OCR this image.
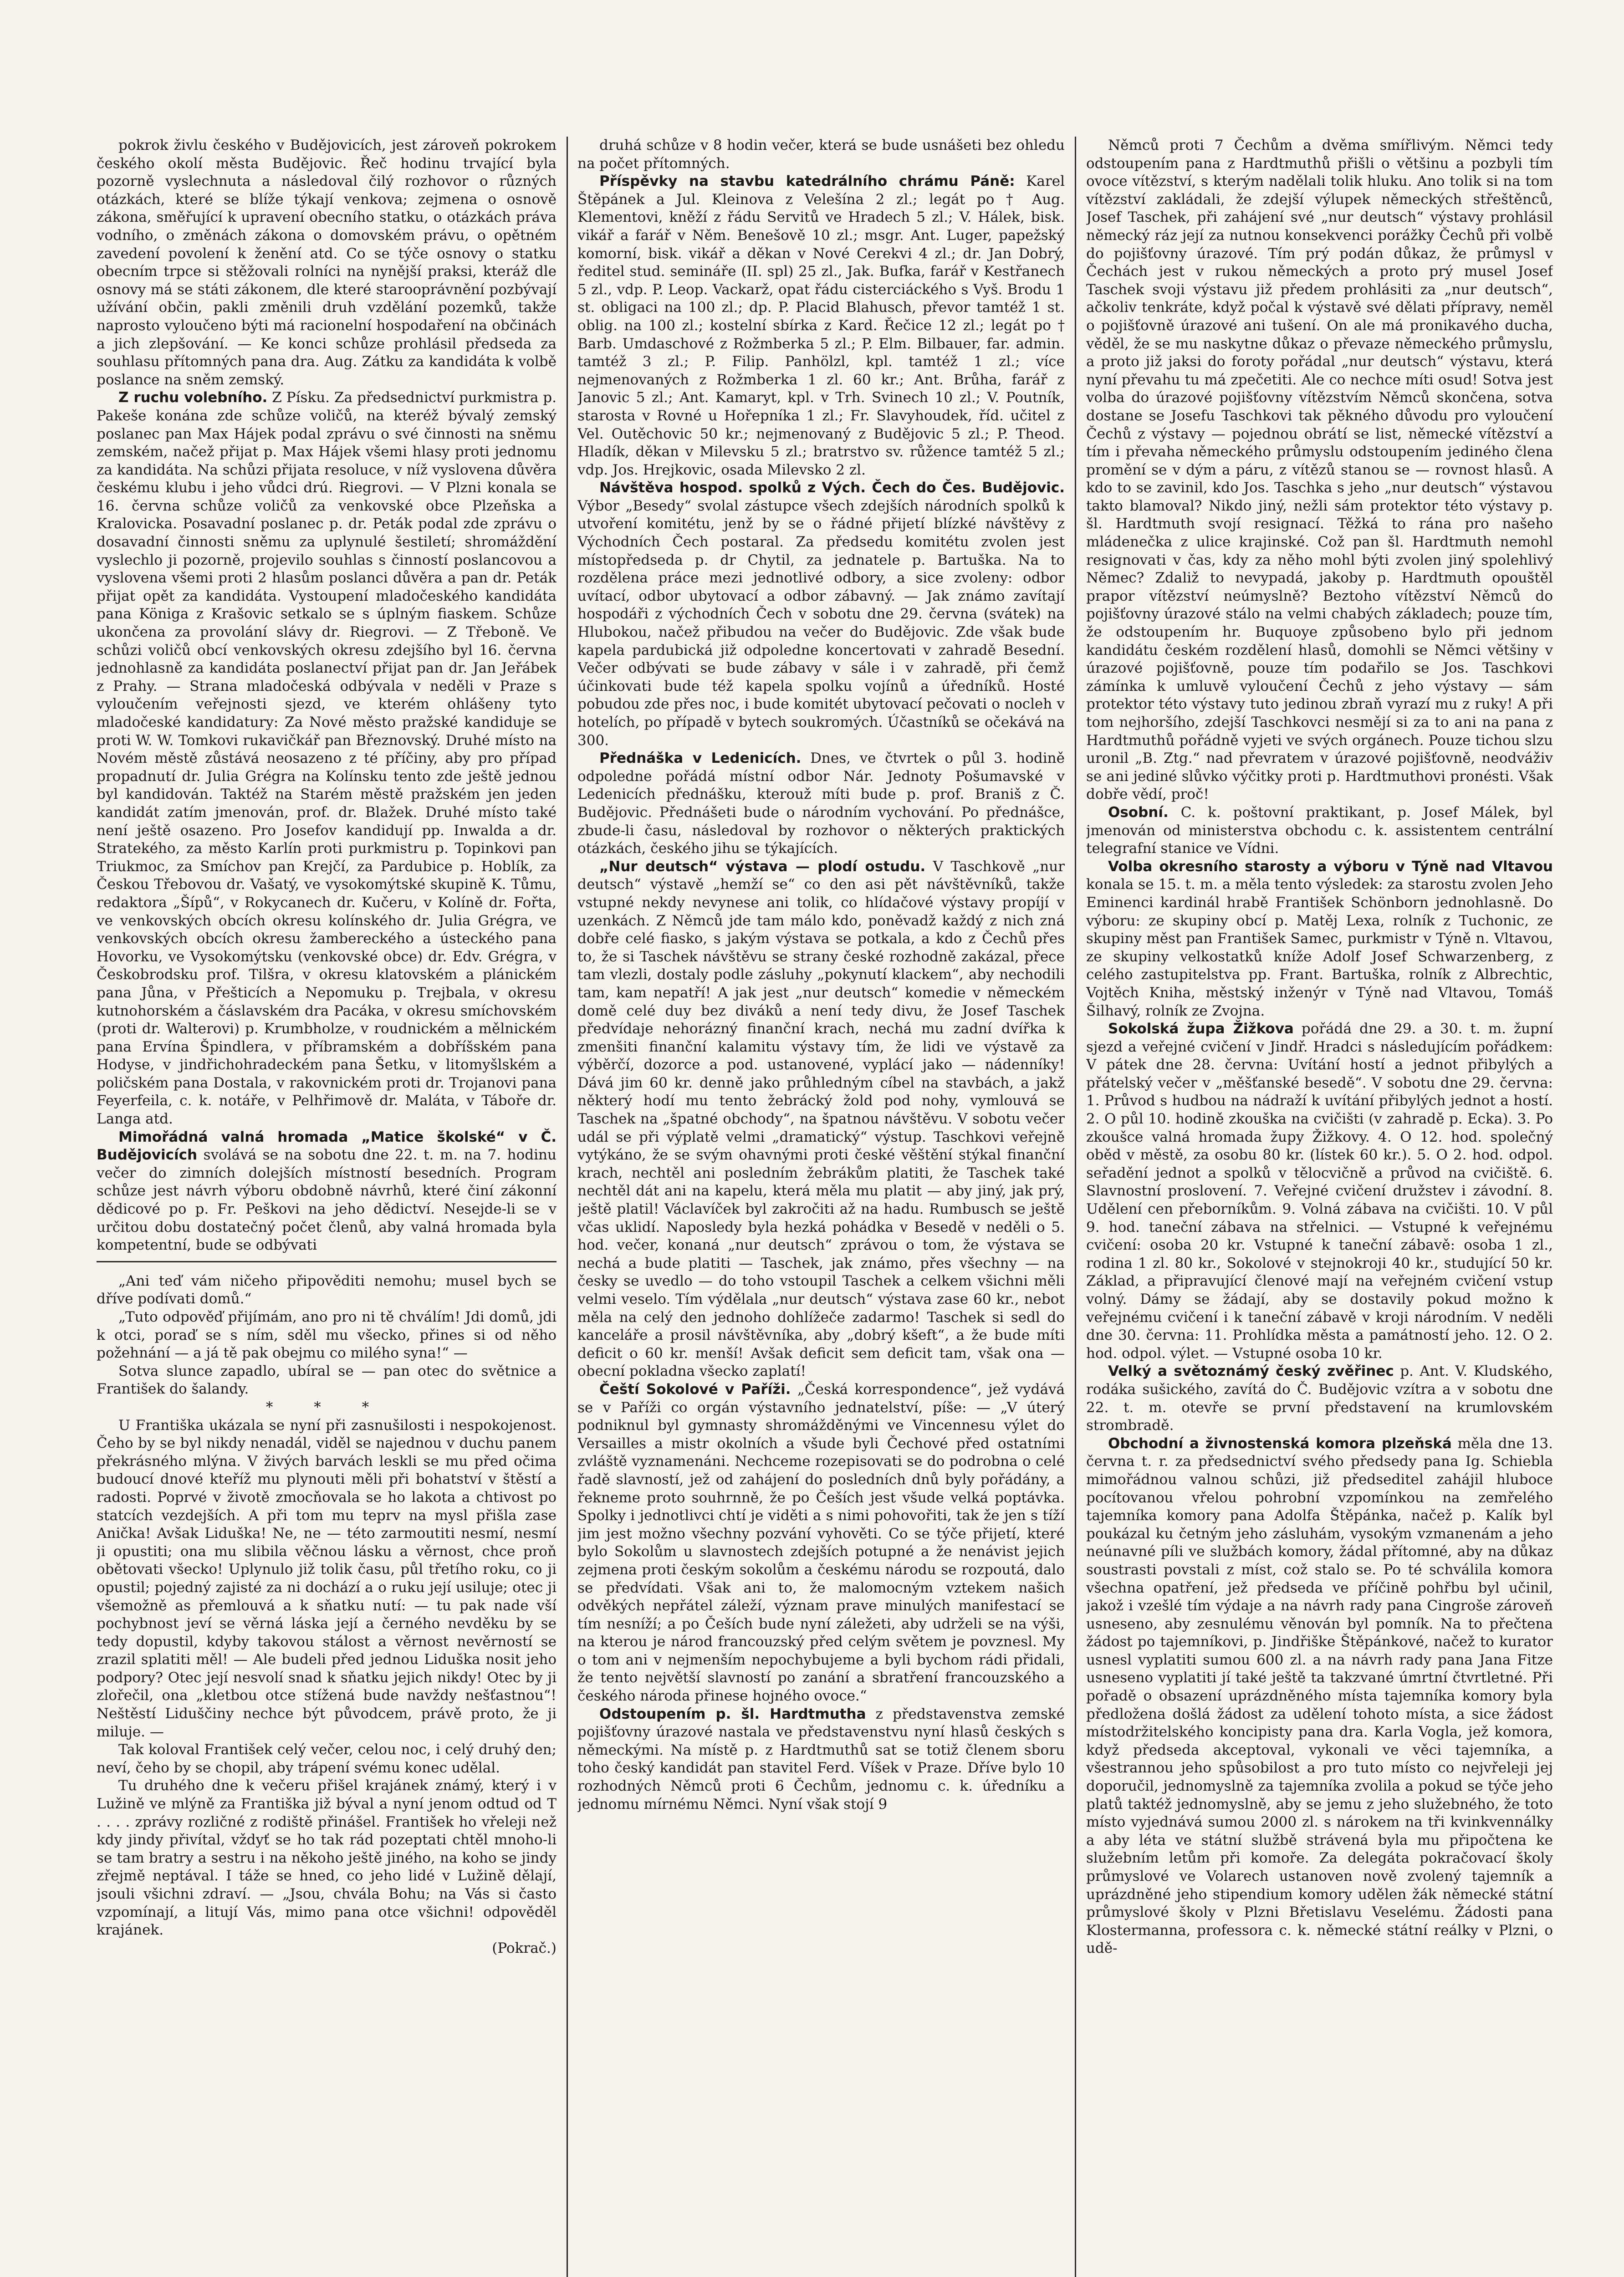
pokrok živlu českého v Budějovicích, jest zároveň pokrokem českého okolí města Budějovic. Řeč hodinu trvající byla pozorně vyslechnuta a následoval čilý rozhovor o různých otázkách, které se blíže týkají venkova; zejmena o osnově zákona, směřující k upravení obecního statku, o otázkách práva vodního, o změnách zákona o domovském právu, o opětném zavedení povolení k ženění atd. Co se týče osnovy o statku obecním trpce si stěžovali rolníci na nynější praksi, kteráž dle osnovy má se státi zákonem, dle které starooprávnění pozbývají užívání občin, pakli změnili druh vzdělání pozemků, takže naprosto vyloučeno býti má racionelní hospodaření na občinách a jich zlepšování. — Ke konci schůze prohlásil předseda za souhlasu přítomných pana dra. Aug. Zátku za kandidáta k volbě poslance na sněm zemský.

Z ruchu volebního. Z Písku. Za předsednictví purkmistra p. Pakeše konána zde schůze voličů, na kteréž bývalý zemský poslanec pan Max Hájek podal zprávu o své činnosti na sněmu zemském, načež přijat p. Max Hájek všemi hlasy proti jednomu za kandidáta. Na schůzi přijata resoluce, v níž vyslovena důvěra českému klubu i jeho vůdci drú. Riegrovi. — V Plzni konala se 16. června schůze voličů za venkovské obce Plzeňska a Kralovicka. Posavadní poslanec p. dr. Peták podal zde zprávu o dosavadní činnosti sněmu za uplynulé šestiletí; shromáždění vyslechlo ji pozorně, projevilo souhlas s činností poslancovou a vyslovena všemi proti 2 hlasům poslanci důvěra a pan dr. Peták přijat opět za kandidáta. Vystoupení mladočeského kandidáta pana Königa z Krašovic setkalo se s úplným fiaskem. Schůze ukončena za provolání slávy dr. Riegrovi. — Z Třeboně. Ve schůzi voličů obcí venkovských okresu zdejšího byl 16. června jednohlasně za kandidáta poslanectví přijat pan dr. Jan Jeřábek z Prahy. — Strana mladočeská odbývala v neděli v Praze s vyloučením veřejnosti sjezd, ve kterém ohlášeny tyto mladočeské kandidatury: Za Nové město pražské kandiduje se proti W. W. Tomkovi rukavičkář pan Březnovský. Druhé místo na Novém městě zůstává neosazeno z té příčiny, aby pro případ propadnutí dr. Julia Grégra na Kolínsku tento zde ještě jednou byl kandidován. Taktéž na Starém městě pražském jen jeden kandidát zatím jmenován, prof. dr. Blažek. Druhé místo také není ještě osazeno. Pro Josefov kandidují pp. Inwalda a dr. Stratekého, za město Karlín proti purkmistru p. Topinkovi pan Triukmoc, za Smíchov pan Krejčí, za Pardubice p. Hoblík, za Českou Třebovou dr. Vašatý, ve vysokomýtské skupině K. Tůmu, redaktora „Šípů“, v Rokycanech dr. Kučeru, v Kolíně dr. Fořta, ve venkovských obcích okresu kolínského dr. Julia Grégra, ve venkovských obcích okresu žambereckého a ústeckého pana Hovorku, ve Vysokomýtsku (venkovské obce) dr. Edv. Grégra, v Českobrodsku prof. Tilšra, v okresu klatovském a plánickém pana Jůna, v Přešticích a Nepomuku p. Trejbala, v okresu kutnohorském a čáslavském dra Pacáka, v okresu smíchovském (proti dr. Walterovi) p. Krumbholze, v roudnickém a mělnickém pana Ervína Špindlera, v příbramském a dobříšském pana Hodyse, v jindřichohradeckém pana Šetku, v litomyšlském a poličském pana Dostala, v rakovnickém proti dr. Trojanovi pana Feyerfeila, c. k. notáře, v Pelhřimově dr. Maláta, v Táboře dr. Langa atd.

Mimořádná valná hromada „Matice školské“ v Č. Budějovicích svolává se na sobotu dne 22. t. m. na 7. hodinu večer do zimních dolejších místností besedních. Program schůze jest návrh výboru obdobně návrhů, které činí zákonní dědicové po p. Fr. Peškovi na jeho dědictví. Nesejde-li se v určitou dobu dostatečný počet členů, aby valná hromada byla kompetentní, bude se odbývati

„Ani teď vám ničeho připověditi nemohu; musel bych se dříve podívati domů.“

„Tuto odpověď přijímám, ano pro ni tě chválím! Jdi domů, jdi k otci, poraď se s ním, sděl mu všecko, přines si od něho požehnání — a já tě pak obejmu co milého syna!“ —

Sotva slunce zapadlo, ubíral se — pan otec do světnice a František do šalandy.

* * *

U Františka ukázala se nyní při zasnušilosti i nespokojenost. Čeho by se byl nikdy nenadál, viděl se najednou v duchu panem překrásného mlýna. V živých barvách leskli se mu před očima budoucí dnové kteříž mu plynouti měli při bohatství v štěstí a radosti. Poprvé v životě zmocňovala se ho lakota a chtivost po statcích vezdejších. A při tom mu teprv na mysl přišla zase Anička! Avšak Liduška! Ne, ne — této zarmoutiti nesmí, nesmí ji opustiti; ona mu slibila věčnou lásku a věrnost, chce proň obětovati všecko! Uplynulo již tolik času, půl třetího roku, co ji opustil; pojedný zajisté za ni dochází a o ruku její usiluje; otec ji všemožně as přemlouvá a k sňatku nutí: — tu pak nade vší pochybnost jeví se věrná láska její a černého nevděku by se tedy dopustil, kdyby takovou stálost a věrnost nevěrností se zrazil splatiti měl! — Ale budeli před jednou Liduška nosit jeho podpory? Otec její nesvolí snad k sňatku jejich nikdy! Otec by ji zlořečil, ona „kletbou otce stížená bude navždy nešťastnou“! Neštěstí Liduščiny nechce být původcem, právě proto, že ji miluje. —

Tak koloval František celý večer, celou noc, i celý druhý den; neví, čeho by se chopil, aby trápení svému konec udělal.

Tu druhého dne k večeru přišel krajánek známý, který i v Lužině ve mlýně za Františka již býval a nyní jenom odtud od T . . . . zprávy rozličné z rodiště přinášel. František ho vřeleji než kdy jindy přivítal, vždyť se ho tak rád pozeptati chtěl mnoho-li se tam bratry a sestru i na někoho ještě jiného, na koho se jindy zřejmě neptával. I táže se hned, co jeho lidé v Lužině dělají, jsouli všichni zdraví. — „Jsou, chvála Bohu; na Vás si často vzpomínají, a litují Vás, mimo pana otce všichni! odpověděl krajánek.

(Pokrač.)

druhá schůze v 8 hodin večer, která se bude usnášeti bez ohledu na počet přítomných.

Příspěvky na stavbu katedrálního chrámu Páně: Karel Štěpánek a Jul. Kleinova z Velešína 2 zl.; legát po † Aug. Klementovi, kněží z řádu Servitů ve Hradech 5 zl.; V. Hálek, bisk. vikář a farář v Něm. Benešově 10 zl.; msgr. Ant. Luger, papežský komorní, bisk. vikář a děkan v Nové Cerekvi 4 zl.; dr. Jan Dobrý, ředitel stud. semináře (II. spl) 25 zl., Jak. Bufka, farář v Kestřanech 5 zl., vdp. P. Leop. Vackarž, opat řádu cisterciáckého s Vyš. Brodu 1 st. obligaci na 100 zl.; dp. P. Placid Blahusch, převor tamtéž 1 st. oblig. na 100 zl.; kostelní sbírka z Kard. Řečice 12 zl.; legát po † Barb. Umdaschové z Rožmberka 5 zl.; P. Elm. Bilbauer, far. admin. tamtéž 3 zl.; P. Filip. Panhölzl, kpl. tamtéž 1 zl.; více nejmenovaných z Rožmberka 1 zl. 60 kr.; Ant. Brůha, farář z Janovic 5 zl.; Ant. Kamaryt, kpl. v Trh. Svinech 10 zl.; V. Poutník, starosta v Rovné u Hořepníka 1 zl.; Fr. Slavyhoudek, říd. učitel z Vel. Outěchovic 50 kr.; nejmenovaný z Budějovic 5 zl.; P. Theod. Hladík, děkan v Milevsku 5 zl.; bratrstvo sv. růžence tamtéž 5 zl.; vdp. Jos. Hrejkovic, osada Milevsko 2 zl.

Návštěva hospod. spolků z Vých. Čech do Čes. Budějovic. Výbor „Besedy“ svolal zástupce všech zdejších národních spolků k utvoření komitétu, jenž by se o řádné přijetí blízké návštěvy z Východních Čech postaral. Za předsedu komitétu zvolen jest místopředseda p. dr Chytil, za jednatele p. Bartuška. Na to rozdělena práce mezi jednotlivé odbory, a sice zvoleny: odbor uvítací, odbor ubytovací a odbor zábavný. — Jak známo zavítají hospodáři z východních Čech v sobotu dne 29. června (svátek) na Hlubokou, načež přibudou na večer do Budějovic. Zde však bude kapela pardubická již odpoledne koncertovati v zahradě Besední. Večer odbývati se bude zábavy v sále i v zahradě, při čemž účinkovati bude též kapela spolku vojínů a úředníků. Hosté pobudou zde přes noc, i bude komitét ubytovací pečovati o nocleh v hotelích, po případě v bytech soukromých. Účastníků se očekává na 300.

Přednáška v Ledenicích. Dnes, ve čtvrtek o půl 3. hodině odpoledne pořádá místní odbor Nár. Jednoty Pošumavské v Ledenicích přednášku, kterouž míti bude p. prof. Braniš z Č. Budějovic. Přednášeti bude o národním vychování. Po přednášce, zbude-li času, následoval by rozhovor o některých praktických otázkách, českého jihu se týkajících.

„Nur deutsch“ výstava — plodí ostudu. V Taschkově „nur deutsch“ výstavě „hemží se“ co den asi pět návštěvníků, takže vstupné nekdy nevynese ani tolik, co hlídačové výstavy propíjí v uzenkách. Z Němců jde tam málo kdo, poněvadž každý z nich zná dobře celé fiasko, s jakým výstava se potkala, a kdo z Čechů přes to, že si Taschek návštěvu se strany české rozhodně zakázal, přece tam vlezli, dostaly podle zásluhy „pokynutí klackem“, aby nechodili tam, kam nepatří! A jak jest „nur deutsch“ komedie v německém domě celé duy bez diváků a není tedy divu, že Josef Taschek předvídaje nehorázný finanční krach, nechá mu zadní dvířka k zmenšiti finanční kalamitu výstavy tím, že lidi ve výstavě za výběrčí, dozorce a pod. ustanovené, vyplácí jako — nádenníky! Dává jim 60 kr. denně jako průhledným cíbel na stavbách, a jakž některý hodí mu tento žebrácký žold pod nohy, vymlouvá se Taschek na „špatné obchody“, na špatnou návštěvu. V sobotu večer udál se při výplatě velmi „dramatický“ výstup. Taschkovi veřejně vytýkáno, že se svým ohavnými proti české věštění stýkal finanční krach, nechtěl ani posledním žebrákům platiti, že Taschek také nechtěl dát ani na kapelu, která měla mu platit — aby jiný, jak prý, ještě platil! Václavíček byl zakročiti až na hadu. Rumbusch se ještě včas uklidí. Naposledy byla hezká pohádka v Besedě v neděli o 5. hod. večer, konaná „nur deutsch“ zprávou o tom, že výstava se nechá a bude platiti — Taschek, jak známo, přes všechny — na česky se uvedlo — do toho vstoupil Taschek a celkem všichni měli velmi veselo. Tím výdělala „nur deutsch“ výstava zase 60 kr., nebot měla na celý den jednoho dohlížeče zadarmo! Taschek si sedl do kanceláře a prosil návštěvníka, aby „dobrý kšeft“, a že bude míti deficit o 60 kr. menší! Avšak deficit sem deficit tam, však ona — obecní pokladna všecko zaplatí!

Čeští Sokolové v Paříži. „Česká korrespondence“, jež vydává se v Paříži co orgán výstavního jednatelství, píše: — „V úterý podniknul byl gymnasty shromážděnými ve Vincennesu výlet do Versailles a mistr okolních a všude byli Čechové před ostatními zvláště vyznamenáni. Nechceme rozepisovati se do podrobna o celé řadě slavností, jež od zahájení do posledních dnů byly pořádány, a řekneme proto souhrnně, že po Češích jest všude velká poptávka. Spolky i jednotlivci chtí je viděti a s nimi pohovořiti, tak že jen s tíží jim jest možno všechny pozvání vyhověti. Co se týče přijetí, které bylo Sokolům u slavnostech zdejších potupné a že nenávist jejich zejmena proti českým sokolům a českému národu se rozpoutá, dalo se předvídati. Však ani to, že malomocným vztekem našich odvěkých nepřátel záleží, význam prave minulých manifestací se tím nesníží; a po Češích bude nyní záležeti, aby udrželi se na výši, na kterou je národ francouzský před celým světem je povznesl. My o tom ani v nejmenším nepochybujeme a byli bychom rádi přidali, že tento největší slavností po zanání a sbratření francouzského a českého národa přinese hojného ovoce.“

Odstoupením p. šl. Hardtmutha z představenstva zemské pojišťovny úrazové nastala ve představenstvu nyní hlasů českých s německými. Na místě p. z Hardtmuthů sat se totiž členem sboru toho český kandidát pan stavitel Ferd. Víšek v Praze. Dříve bylo 10 rozhodných Němců proti 6 Čechům, jednomu c. k. úředníku a jednomu mírnému Němci. Nyní však stojí 9

Němců proti 7 Čechům a dvěma smířlivým. Němci tedy odstoupením pana z Hardtmuthů přišli o většinu a pozbyli tím ovoce vítězství, s kterým nadělali tolik hluku. Ano tolik si na tom vítězství zakládali, že zdejší výlupek německých střeštěnců, Josef Taschek, při zahájení své „nur deutsch“ výstavy prohlásil německý ráz její za nutnou konsekvenci porážky Čechů při volbě do pojišťovny úrazové. Tím prý podán důkaz, že průmysl v Čechách jest v rukou německých a proto prý musel Josef Taschek svoji výstavu již předem prohlásiti za „nur deutsch“, ačkoliv tenkráte, když počal k výstavě své dělati přípravy, neměl o pojišťovně úrazové ani tušení. On ale má pronikavého ducha, věděl, že se mu naskytne důkaz o převaze německého průmyslu, a proto již jaksi do foroty pořádal „nur deutsch“ výstavu, která nyní převahu tu má zpečetiti. Ale co nechce míti osud! Sotva jest volba do úrazové pojišťovny vítězstvím Němců skončena, sotva dostane se Josefu Taschkovi tak pěkného důvodu pro vyloučení Čechů z výstavy — pojednou obrátí se list, německé vítězství a tím i převaha německého průmyslu odstoupením jediného člena promění se v dým a páru, z vítězů stanou se — rovnost hlasů. A kdo to se zavinil, kdo Jos. Taschka s jeho „nur deutsch“ výstavou takto blamoval? Nikdo jiný, nežli sám protektor této výstavy p. šl. Hardtmuth svojí resignací. Těžká to rána pro našeho mládenečka z ulice krajinské. Což pan šl. Hardtmuth nemohl resignovati v čas, kdy za něho mohl býti zvolen jiný spolehlivý Němec? Zdaliž to nevypadá, jakoby p. Hardtmuth opouštěl prapor vítězství neúmyslně? Beztoho vítězství Němců do pojišťovny úrazové stálo na velmi chabých základech; pouze tím, že odstoupením hr. Buquoye způsobeno bylo při jednom kandidátu českém rozdělení hlasů, domohli se Němci většiny v úrazové pojišťovně, pouze tím podařilo se Jos. Taschkovi zámínka k umluvě vyloučení Čechů z jeho výstavy — sám protektor této výstavy tuto jedinou zbraň vyrazí mu z ruky! A při tom nejhoršího, zdejší Taschkovci nesmějí si za to ani na pana z Hardtmuthů pořádně vyjeti ve svých orgánech. Pouze tichou slzu uronil „B. Ztg.“ nad převratem v úrazové pojišťovně, neodváživ se ani jediné slůvko výčitky proti p. Hardtmuthovi pronésti. Však dobře vědí, proč!

Osobní. C. k. poštovní praktikant, p. Josef Málek, byl jmenován od ministerstva obchodu c. k. assistentem centrální telegrafní stanice ve Vídni.

Volba okresního starosty a výboru v Týně nad Vltavou konala se 15. t. m. a měla tento výsledek: za starostu zvolen Jeho Eminenci kardinál hrabě František Schönborn jednohlasně. Do výboru: ze skupiny obcí p. Matěj Lexa, rolník z Tuchonic, ze skupiny měst pan František Samec, purkmistr v Týně n. Vltavou, ze skupiny velkostatků kníže Adolf Josef Schwarzenberg, z celého zastupitelstva pp. Frant. Bartuška, rolník z Albrechtic, Vojtěch Kniha, městský inženýr v Týně nad Vltavou, Tomáš Šilhavý, rolník ze Zvojna.

Sokolská župa Žižkova pořádá dne 29. a 30. t. m. župní sjezd a veřejné cvičení v Jindř. Hradci s následujícím pořádkem: V pátek dne 28. června: Uvítání hostí a jednot přibylých a přátelský večer v „měšťanské besedě“. V sobotu dne 29. června: 1. Průvod s hudbou na nádraží k uvítání přibylých jednot a hostí. 2. O půl 10. hodině zkouška na cvičišti (v zahradě p. Ecka). 3. Po zkoušce valná hromada župy Žižkovy. 4. O 12. hod. společný oběd v městě, za osobu 80 kr. (lístek 60 kr.). 5. O 2. hod. odpol. seřadění jednot a spolků v tělocvičně a průvod na cvičiště. 6. Slavnostní proslovení. 7. Veřejné cvičení družstev i závodní. 8. Udělení cen přeborníkům. 9. Volná zábava na cvičišti. 10. V půl 9. hod. taneční zábava na střelnici. — Vstupné k veřejnému cvičení: osoba 20 kr. Vstupné k taneční zábavě: osoba 1 zl., rodina 1 zl. 80 kr., Sokolové v stejnokroji 40 kr., studující 50 kr. Základ, a připravující členové mají na veřejném cvičení vstup volný. Dámy se žádají, aby se dostavily pokud možno k veřejnému cvičení i k taneční zábavě v kroji národním. V neděli dne 30. června: 11. Prohlídka města a památností jeho. 12. O 2. hod. odpol. výlet. — Vstupné osoba 10 kr.

Velký a světoznámý český zvěřinec p. Ant. V. Kludského, rodáka sušického, zavítá do Č. Budějovic vzítra a v sobotu dne 22. t. m. otevře se první představení na krumlovském strombradě.

Obchodní a živnostenská komora plzeňská měla dne 13. června t. r. za předsednictví svého předsedy pana Ig. Schiebla mimořádnou valnou schůzi, již předseditel zahájil hluboce pocítovanou vřelou pohrobní vzpomínkou na zemřelého tajemníka komory pana Adolfa Štěpánka, načež p. Kalík byl poukázal ku četným jeho zásluhám, vysokým vzmanenám a jeho neúnavné píli ve službách komory, žádal přítomné, aby na důkaz soustrasti povstali z míst, což stalo se. Po té schválila komora všechna opatření, jež předseda ve příčině pohřbu byl učinil, jakož i vzešlé tím výdaje a na návrh rady pana Cingroše zároveň usneseno, aby zesnulému věnován byl pomník. Na to přečtena žádost po tajemníkovi, p. Jindřiške Štěpánkové, načež to kurator usnesl vyplatiti sumou 600 zl. a na návrh rady pana Jana Fitze usneseno vyplatiti jí také ještě ta takzvané úmrtní čtvrtletné. Při pořadě o obsazení uprázdněného místa tajemníka komory byla předložena došlá žádost za udělení tohoto místa, a sice žádost místodržitelského koncipisty pana dra. Karla Vogla, jež komora, když předseda akceptoval, vykonali ve věci tajemníka, a všestrannou jeho spůsobilost a pro tuto místo co nejvřeleji jej doporučil, jednomyslně za tajemníka zvolila a pokud se týče jeho platů taktéž jednomyslně, aby se jemu z jeho služebného, že toto místo vyjednává sumou 2000 zl. s nárokem na tři kvinkvennálky a aby léta ve státní službě strávená byla mu připočtena ke služebním letům při komoře. Za delegáta pokračovací školy průmyslové ve Volarech ustanoven nově zvolený tajemník a uprázdněné jeho stipendium komory udělen žák německé státní průmyslové školy v Plzni Břetislavu Veselému. Žádosti pana Klostermanna, professora c. k. německé státní reálky v Plzni, o udě-
